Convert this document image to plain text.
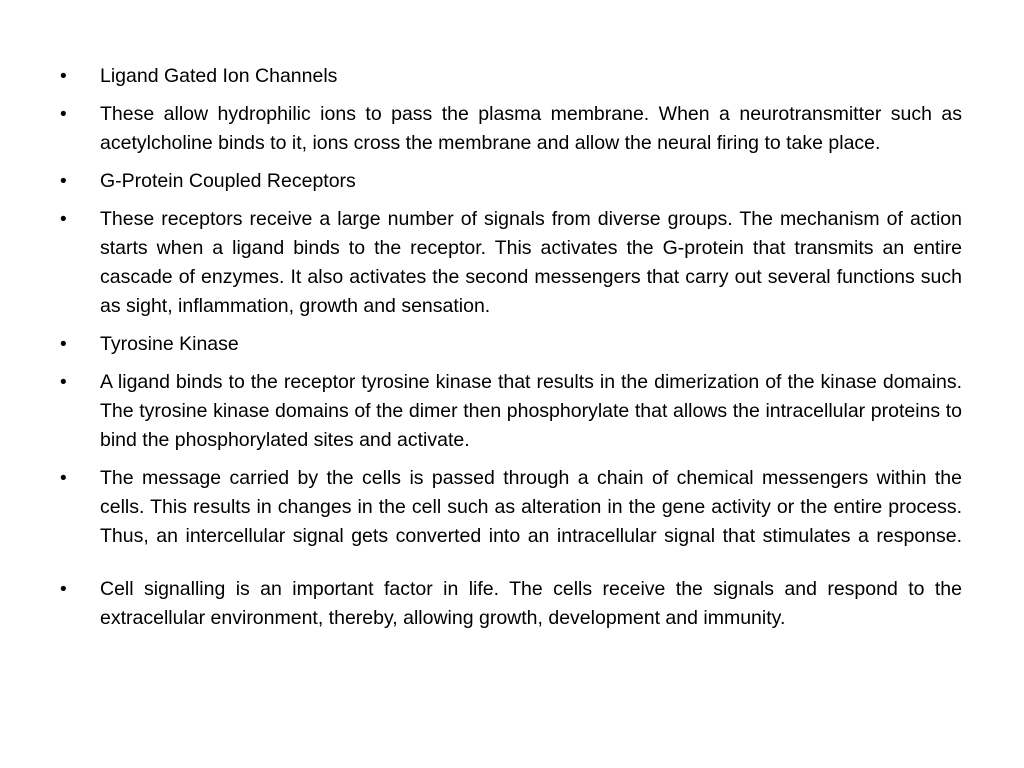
• Ligand Gated Ion Channels
• These allow hydrophilic ions to pass the plasma membrane. When a neurotransmitter such as acetylcholine binds to it, ions cross the membrane and allow the neural firing to take place.
• G-Protein Coupled Receptors
• These receptors receive a large number of signals from diverse groups. The mechanism of action starts when a ligand binds to the receptor. This activates the G-protein that transmits an entire cascade of enzymes. It also activates the second messengers that carry out several functions such as sight, inflammation, growth and sensation.
• Tyrosine Kinase
• A ligand binds to the receptor tyrosine kinase that results in the dimerization of the kinase domains. The tyrosine kinase domains of the dimer then phosphorylate that allows the intracellular proteins to bind the phosphorylated sites and activate.
• The message carried by the cells is passed through a chain of chemical messengers within the cells. This results in changes in the cell such as alteration in the gene activity or the entire process. Thus, an intercellular signal gets converted into an intracellular signal that stimulates a response.
• Cell signalling is an important factor in life. The cells receive the signals and respond to the extracellular environment, thereby, allowing growth, development and immunity.
